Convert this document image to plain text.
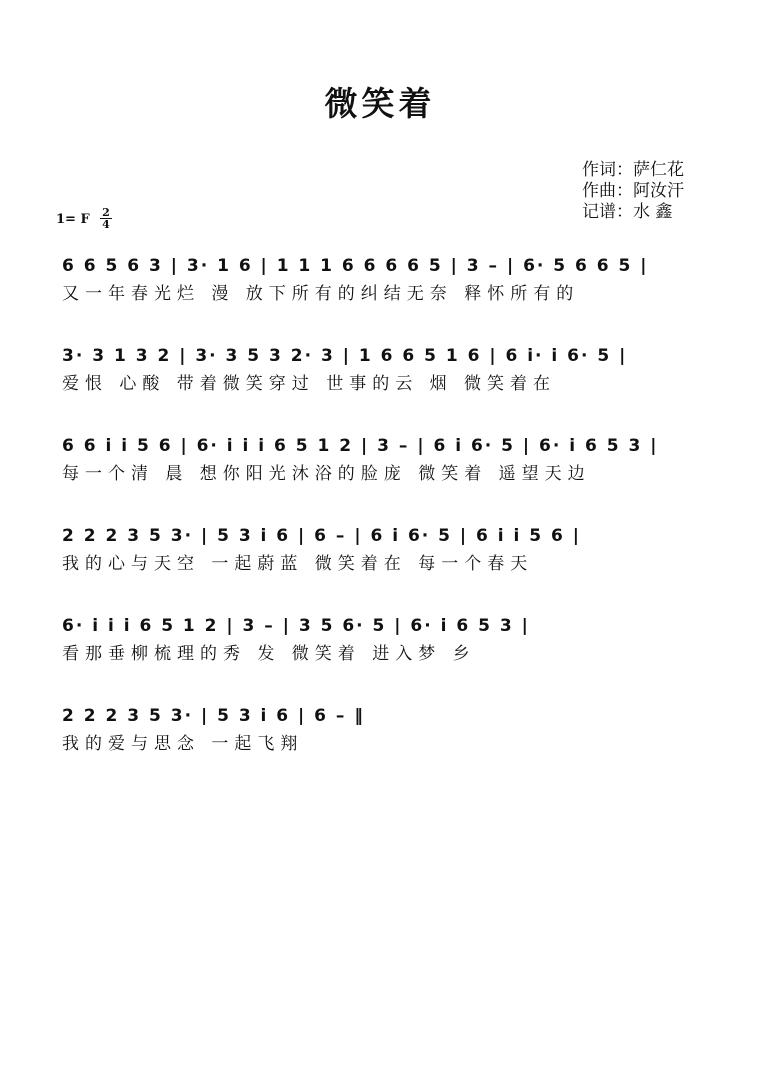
微笑着
作词：萨仁花
作曲：阿汝汗
记谱：水 鑫
1= F 2
4
6 6 5 6 3 | 3· 1 6 | 1 1 1 6 6 6 6 5 | 3 – | 6· 5 6 6 5 |
又一年春光烂 漫 放下所有的纠结无奈 释怀所有的
3· 3 1 3 2 | 3· 3 5 3 2· 3 | 1 6 6 5 1 6 | 6 i· i 6· 5 |
爱恨 心酸 带着微笑穿过 世事的云 烟 微笑着在
6 6 i i 5 6 | 6· i i i 6 5 1 2 | 3 – | 6 i 6· 5 | 6· i 6 5 3 |
每一个清 晨 想你阳光沐浴的脸庞 微笑着 遥望天边
2 2 2 3 5 3· | 5 3 i 6 | 6 – | 6 i 6· 5 | 6 i i 5 6 |
我的心与天空 一起蔚蓝 微笑着在 每一个春天
6· i i i 6 5 1 2 | 3 – | 3 5 6· 5 | 6· i 6 5 3 |
看那垂柳梳理的秀 发 微笑着 进入梦 乡
2 2 2 3 5 3· | 5 3 i 6 | 6 – ‖
我的爱与思念 一起飞翔
